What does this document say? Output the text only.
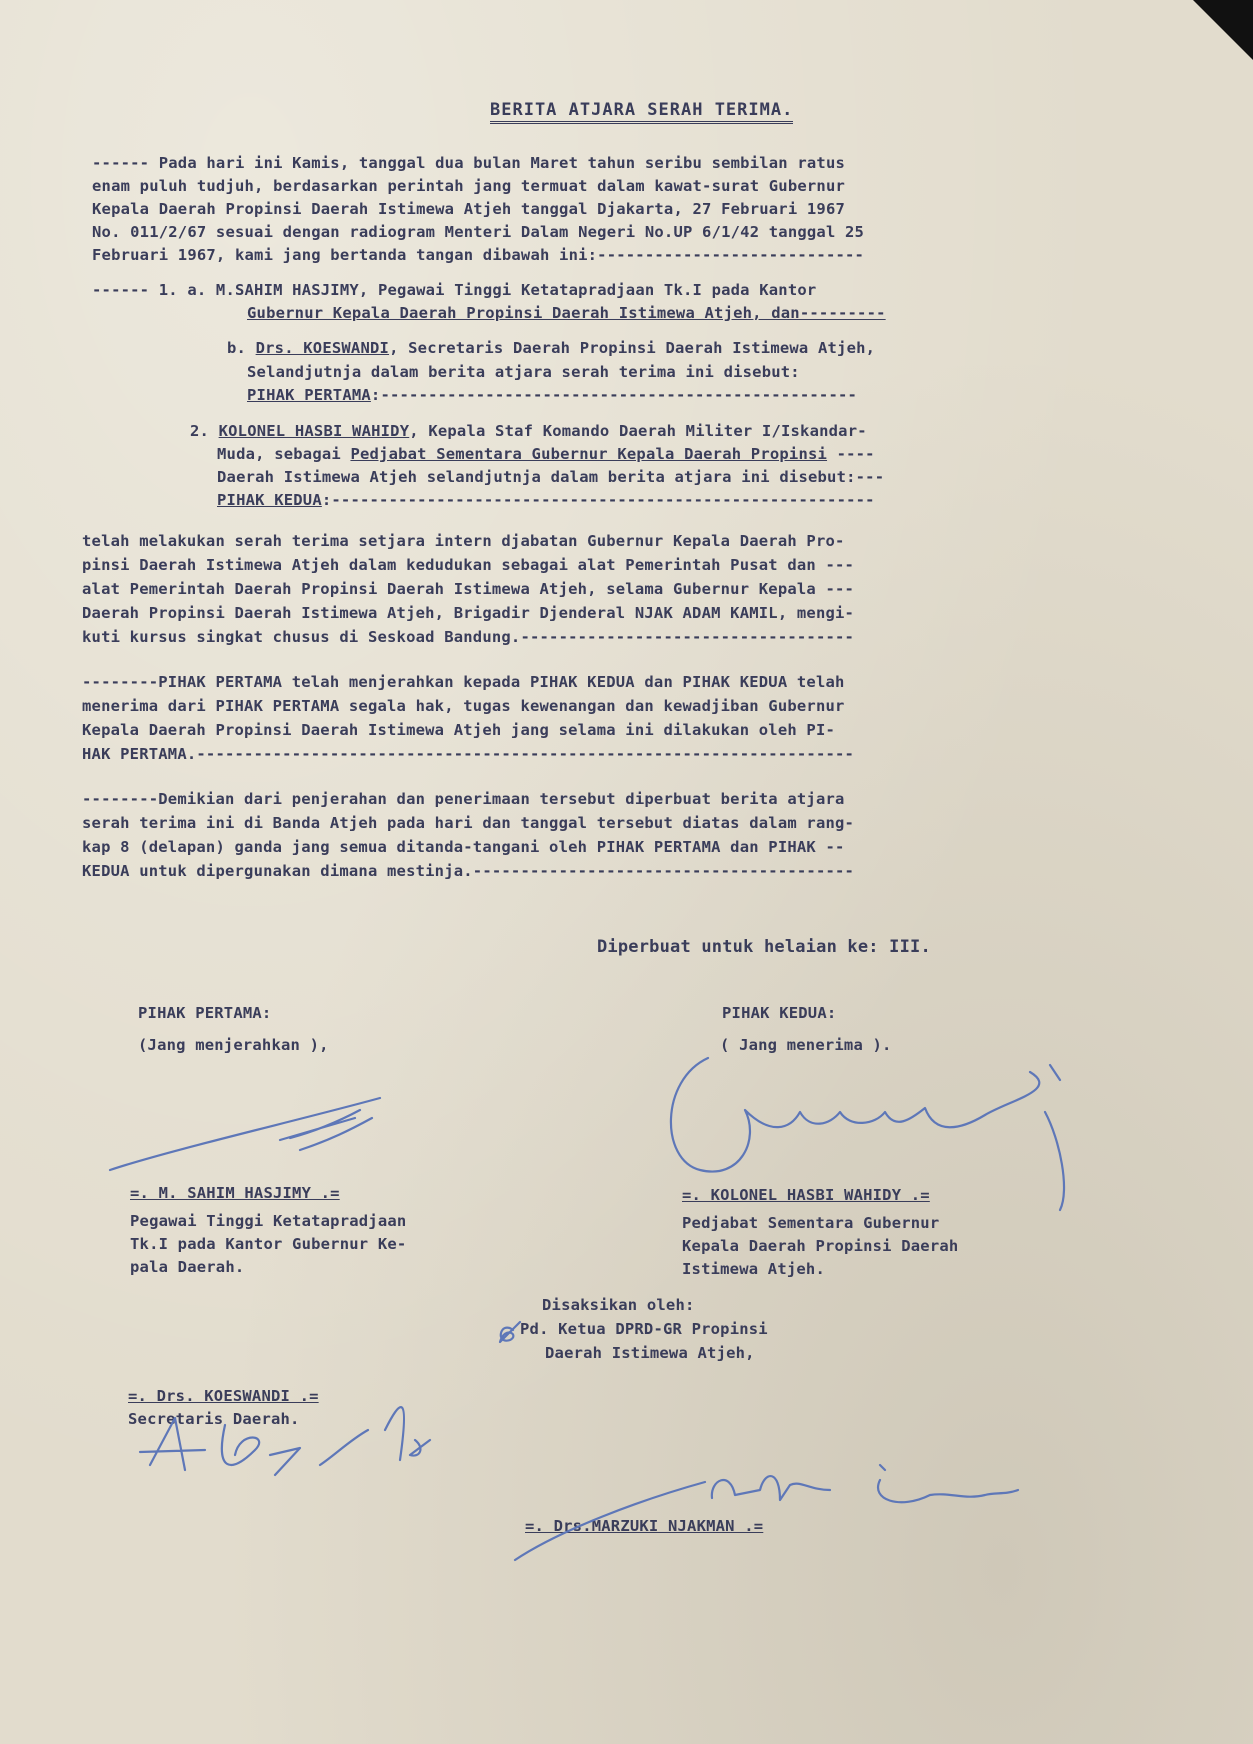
BERITA ATJARA SERAH TERIMA.
------ Pada hari ini Kamis, tanggal dua bulan Maret tahun seribu sembilan ratus
enam puluh tudjuh, berdasarkan perintah jang termuat dalam kawat-surat Gubernur
Kepala Daerah Propinsi Daerah Istimewa Atjeh tanggal Djakarta, 27 Februari 1967
No. 011/2/67 sesuai dengan radiogram Menteri Dalam Negeri No.UP 6/1/42 tanggal 25
Februari 1967, kami jang bertanda tangan dibawah ini:----------------------------
------ 1. a. M.SAHIM HASJIMY, Pegawai Tinggi Ketatapradjaan Tk.I pada Kantor
Gubernur Kepala Daerah Propinsi Daerah Istimewa Atjeh, dan---------
b. Drs. KOESWANDI, Secretaris Daerah Propinsi Daerah Istimewa Atjeh,
Selandjutnja dalam berita atjara serah terima ini disebut:
PIHAK PERTAMA:--------------------------------------------------
2. KOLONEL HASBI WAHIDY, Kepala Staf Komando Daerah Militer I/Iskandar-
Muda, sebagai Pedjabat Sementara Gubernur Kepala Daerah Propinsi ----
Daerah Istimewa Atjeh selandjutnja dalam berita atjara ini disebut:---
PIHAK KEDUA:---------------------------------------------------------
telah melakukan serah terima setjara intern djabatan Gubernur Kepala Daerah Pro-
pinsi Daerah Istimewa Atjeh dalam kedudukan sebagai alat Pemerintah Pusat dan ---
alat Pemerintah Daerah Propinsi Daerah Istimewa Atjeh, selama Gubernur Kepala ---
Daerah Propinsi Daerah Istimewa Atjeh, Brigadir Djenderal NJAK ADAM KAMIL, mengi-
kuti kursus singkat chusus di Seskoad Bandung.-----------------------------------
--------PIHAK PERTAMA telah menjerahkan kepada PIHAK KEDUA dan PIHAK KEDUA telah
menerima dari PIHAK PERTAMA segala hak, tugas kewenangan dan kewadjiban Gubernur
Kepala Daerah Propinsi Daerah Istimewa Atjeh jang selama ini dilakukan oleh PI-
HAK PERTAMA.---------------------------------------------------------------------
--------Demikian dari penjerahan dan penerimaan tersebut diperbuat berita atjara
serah terima ini di Banda Atjeh pada hari dan tanggal tersebut diatas dalam rang-
kap 8 (delapan) ganda jang semua ditanda-tangani oleh PIHAK PERTAMA dan PIHAK --
KEDUA untuk dipergunakan dimana mestinja.----------------------------------------
Diperbuat untuk helaian ke: III.
PIHAK PERTAMA:
(Jang menjerahkan ),
=. M. SAHIM HASJIMY .=
Pegawai Tinggi Ketatapradjaan
Tk.I pada Kantor Gubernur Ke-
pala Daerah.
=. Drs. KOESWANDI .=
Secretaris Daerah.
PIHAK KEDUA:
( Jang menerima ).
=. KOLONEL HASBI WAHIDY .=
Pedjabat Sementara Gubernur
Kepala Daerah Propinsi Daerah
Istimewa Atjeh.
Disaksikan oleh:
Pd. Ketua DPRD-GR Propinsi
Daerah Istimewa Atjeh,
=. Drs.MARZUKI NJAKMAN .=
